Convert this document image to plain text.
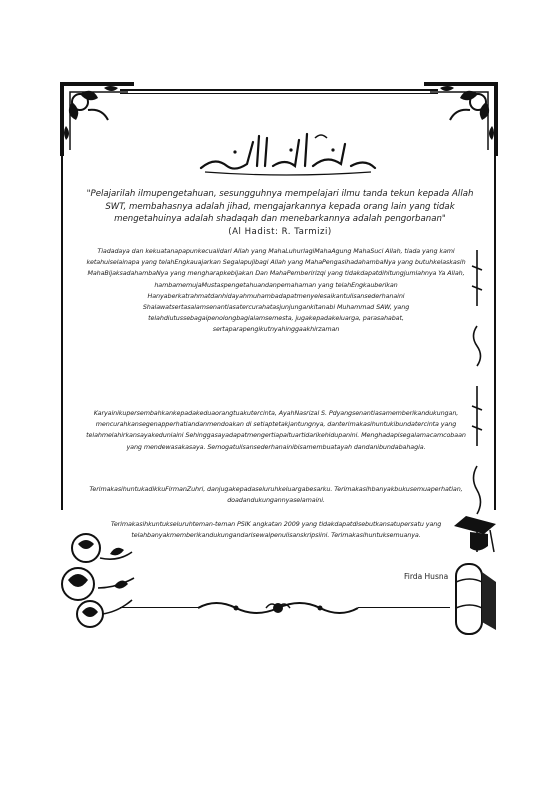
"Pelajarilah ilmupengetahuan, sesungguhnya mempelajari ilmu tanda tekun kepada Allah SWT, membahasnya adalah jihad, mengajarkannya kepada orang lain yang tidak mengetahuinya adalah shadaqah dan menebarkannya adalah pengorbanan"
(Al Hadist: R. Tarmizi)
Tiadadaya dan kekuatanapapunkecualidari Allah yang MahaLuhurlagiMahaAgung MahaSuci Allah, tiada yang kami ketahuiselainapa yang telahEngkauajarkan Segalapujibagi Allah yang MahaPengasihadahambaNya yang butuhkelaskasih MahaBijaksadahambaNya yang mengharapkebijakan Dan MahaPemberirizqi yang tidakdapatdihitungjumlahnya Ya Allah, hambamemujaMustaspengetahuandanpemahaman yang telahEngkauberikan Hanyaberkatrahmatdanhidayahmuhambadapatmenyelesaikantulisansederhanaini Shalawatsertasalamsenantiasatercurahatasjunjungankitanabi Muhammad SAW, yang telahdiutussebagaipenolongbagialamsemesta, jugakepadakeluarga, parasahabat, sertaparapengikutnyahinggaakhirzaman
Karyainikupersembahkankepadakeduaorangtuakutercinta, AyahNasrizal S. Pdyangsenantiasamemberikandukungan, mencurahkansegenapperhatiandanmendoakan di setiaptetakjantungnya, danterimakasihuntukibundatercinta yang telahmelahirkansayakeduniaini Sehinggasayadapatmengertiapaituartidarikehidupanini. Menghadapisegalamacamcobaan yang mendewasakasaya. Semogatulisansederhanainibisamembuatayah dandanibundabahagia.
TerimakasihuntukadikkuFirmanZuhri, danjugakepadaseluruhkeluargabesarku. Terimakasihbanyakbukusemuaperhatian, doadandukungannyaselamaini.
Terimakasihkuntukseluruhteman-teman PSIK angkatan 2009 yang tidakdapatdisebutkansatupersatu yang telahbanyakmemberikandukungandarisewalpenulisanskripsiini. Terimakasihuntuksemuanya.
Firda Husna
